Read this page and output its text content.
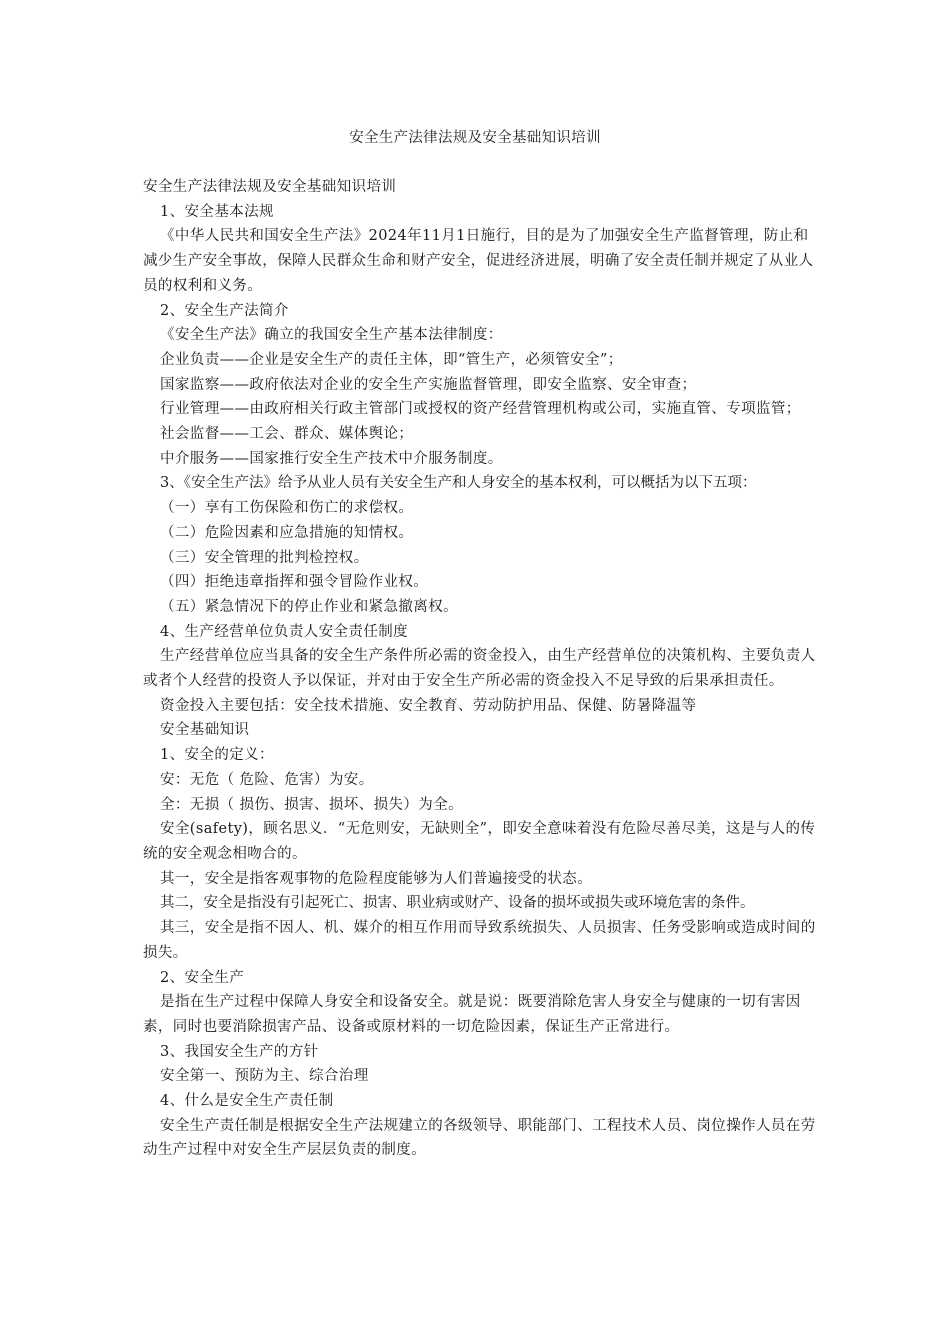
安全生产法律法规及安全基础知识培训

安全生产法律法规及安全基础知识培训

1、安全基本法规

《中华人民共和国安全生产法》2024年11月1日施行，目的是为了加强安全生产监督管理，防止和减少生产安全事故，保障人民群众生命和财产安全，促进经济进展，明确了安全责任制并规定了从业人员的权利和义务。

2、安全生产法简介

《安全生产法》确立的我国安全生产基本法律制度：

企业负责——企业是安全生产的责任主体，即“管生产，必须管安全”；

国家监察——政府依法对企业的安全生产实施监督管理，即安全监察、安全审查；

行业管理——由政府相关行政主管部门或授权的资产经营管理机构或公司，实施直管、专项监管；

社会监督——工会、群众、媒体舆论；

中介服务——国家推行安全生产技术中介服务制度。

3、《安全生产法》给予从业人员有关安全生产和人身安全的基本权利，可以概括为以下五项：

（一）享有工伤保险和伤亡的求偿权。

（二）危险因素和应急措施的知情权。

（三）安全管理的批判检控权。

（四）拒绝违章指挥和强令冒险作业权。

（五）紧急情况下的停止作业和紧急撤离权。

4、生产经营单位负责人安全责任制度

生产经营单位应当具备的安全生产条件所必需的资金投入，由生产经营单位的决策机构、主要负责人或者个人经营的投资人予以保证，并对由于安全生产所必需的资金投入不足导致的后果承担责任。

资金投入主要包括：安全技术措施、安全教育、劳动防护用品、保健、防暑降温等

安全基础知识

1、安全的定义：

安：无危（ 危险、危害）为安。

全：无损（ 损伤、损害、损坏、损失）为全。

安全(safety)，顾名思义．“无危则安，无缺则全”，即安全意味着没有危险尽善尽美，这是与人的传统的安全观念相吻合的。

其一，安全是指客观事物的危险程度能够为人们普遍接受的状态。

其二，安全是指没有引起死亡、损害、职业病或财产、设备的损坏或损失或环境危害的条件。

其三，安全是指不因人、机、媒介的相互作用而导致系统损失、人员损害、任务受影响或造成时间的损失。

2、安全生产

是指在生产过程中保障人身安全和设备安全。就是说：既要消除危害人身安全与健康的一切有害因素，同时也要消除损害产品、设备或原材料的一切危险因素，保证生产正常进行。

3、我国安全生产的方针

安全第一、预防为主、综合治理

4、什么是安全生产责任制

安全生产责任制是根据安全生产法规建立的各级领导、职能部门、工程技术人员、岗位操作人员在劳动生产过程中对安全生产层层负责的制度。
